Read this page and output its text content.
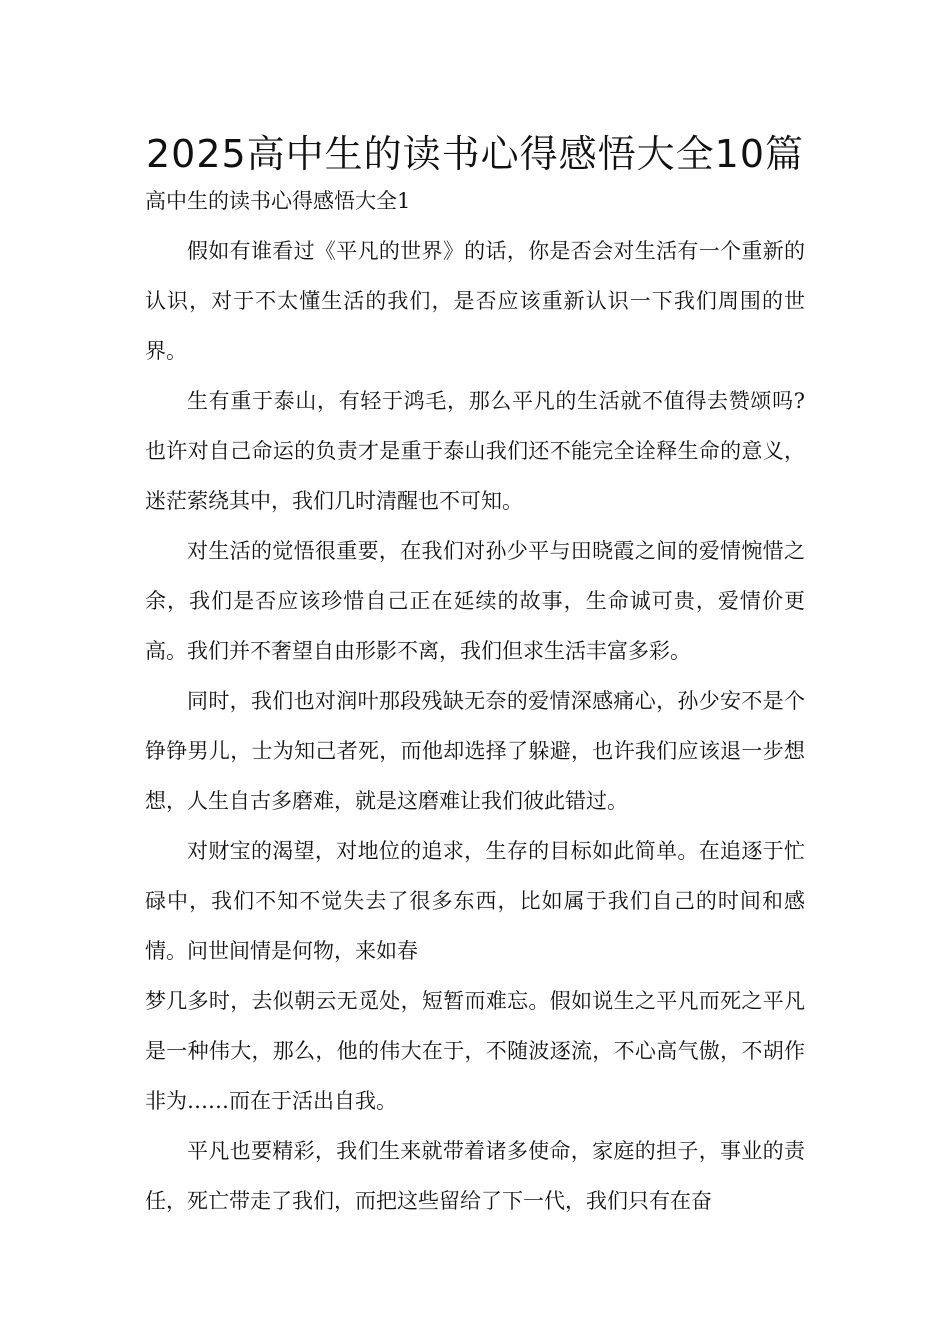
2025高中生的读书心得感悟大全10篇

高中生的读书心得感悟大全1

假如有谁看过《平凡的世界》的话，你是否会对生活有一个重新的认识，对于不太懂生活的我们，是否应该重新认识一下我们周围的世界。

生有重于泰山，有轻于鸿毛，那么平凡的生活就不值得去赞颂吗?也许对自己命运的负责才是重于泰山我们还不能完全诠释生命的意义，迷茫萦绕其中，我们几时清醒也不可知。

对生活的觉悟很重要，在我们对孙少平与田晓霞之间的爱情惋惜之余，我们是否应该珍惜自己正在延续的故事，生命诚可贵，爱情价更高。我们并不奢望自由形影不离，我们但求生活丰富多彩。

同时，我们也对润叶那段残缺无奈的爱情深感痛心，孙少安不是个铮铮男儿，士为知己者死，而他却选择了躲避，也许我们应该退一步想想，人生自古多磨难，就是这磨难让我们彼此错过。

对财宝的渴望，对地位的追求，生存的目标如此简单。在追逐于忙碌中，我们不知不觉失去了很多东西，比如属于我们自己的时间和感情。问世间情是何物，来如春

梦几多时，去似朝云无觅处，短暂而难忘。假如说生之平凡而死之平凡是一种伟大，那么，他的伟大在于，不随波逐流，不心高气傲，不胡作非为……而在于活出自我。

平凡也要精彩，我们生来就带着诸多使命，家庭的担子，事业的责任，死亡带走了我们，而把这些留给了下一代，我们只有在奋
